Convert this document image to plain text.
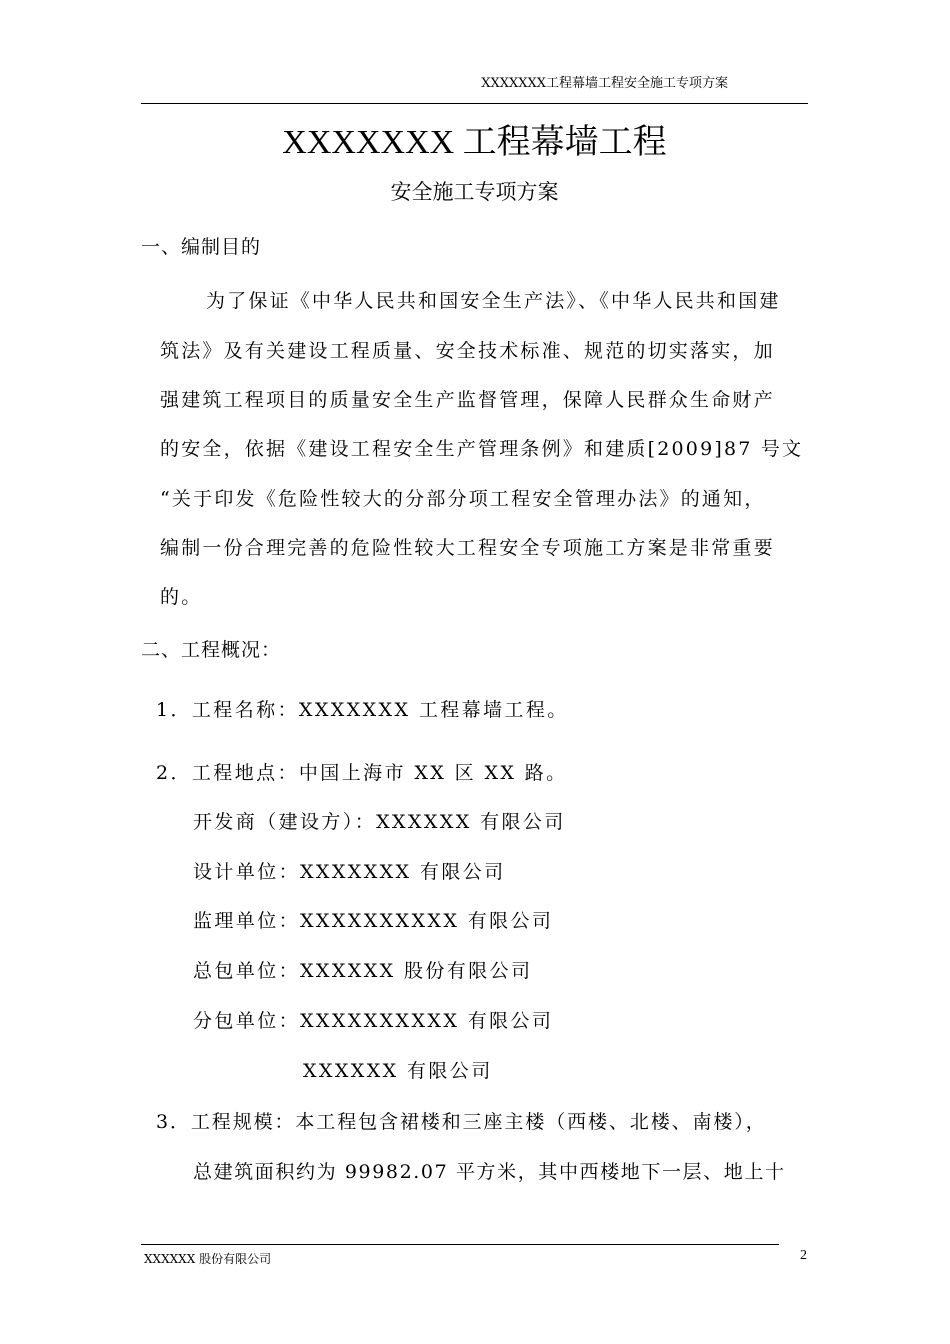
XXXXXXX工程幕墙工程安全施工专项方案
XXXXXXX 工程幕墙工程
安全施工专项方案
一、编制目的
为了保证《中华人民共和国安全生产法》、《中华人民共和国建
筑法》及有关建设工程质量、安全技术标准、规范的切实落实，加
强建筑工程项目的质量安全生产监督管理，保障人民群众生命财产
的安全，依据《建设工程安全生产管理条例》和建质[2009]87 号文
“关于印发《危险性较大的分部分项工程安全管理办法》的通知，
编制一份合理完善的危险性较大工程安全专项施工方案是非常重要
的。
二、工程概况：
1．工程名称：XXXXXXX 工程幕墙工程。
2．工程地点：中国上海市 XX 区 XX 路。
开发商（建设方）：XXXXXX 有限公司
设计单位：XXXXXXX 有限公司
监理单位：XXXXXXXXXX 有限公司
总包单位：XXXXXX 股份有限公司
分包单位：XXXXXXXXXX 有限公司
XXXXXX 有限公司
3．工程规模：本工程包含裙楼和三座主楼（西楼、北楼、南楼），
总建筑面积约为 99982.07 平方米，其中西楼地下一层、地上十
XXXXXX 股份有限公司	2
